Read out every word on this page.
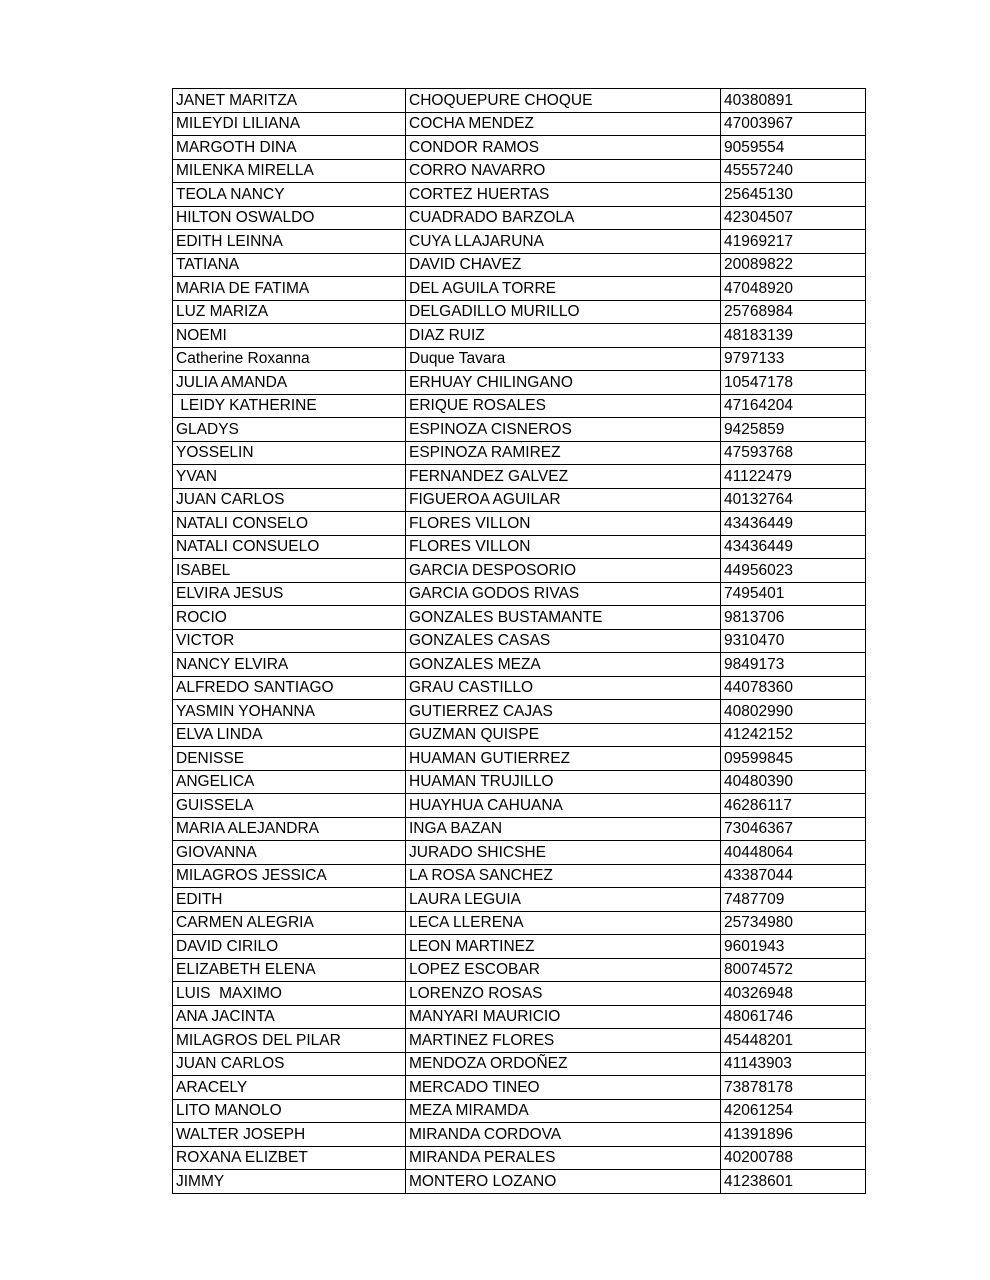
JANET MARITZA	CHOQUEPURE CHOQUE	40380891
MILEYDI LILIANA	COCHA MENDEZ	47003967
MARGOTH DINA	CONDOR RAMOS	9059554
MILENKA MIRELLA	CORRO NAVARRO	45557240
TEOLA NANCY	CORTEZ HUERTAS	25645130
HILTON OSWALDO	CUADRADO BARZOLA	42304507
EDITH LEINNA	CUYA LLAJARUNA	41969217
TATIANA	DAVID CHAVEZ	20089822
MARIA DE FATIMA	DEL AGUILA TORRE	47048920
LUZ MARIZA	DELGADILLO MURILLO	25768984
NOEMI	DIAZ RUIZ	48183139
Catherine Roxanna	Duque Tavara	9797133
JULIA AMANDA	ERHUAY CHILINGANO	10547178
LEIDY KATHERINE	ERIQUE ROSALES	47164204
GLADYS	ESPINOZA CISNEROS	9425859
YOSSELIN	ESPINOZA RAMIREZ	47593768
YVAN	FERNANDEZ GALVEZ	41122479
JUAN CARLOS	FIGUEROA AGUILAR	40132764
NATALI CONSELO	FLORES VILLON	43436449
NATALI CONSUELO	FLORES VILLON	43436449
ISABEL	GARCIA DESPOSORIO	44956023
ELVIRA JESUS	GARCIA GODOS RIVAS	7495401
ROCIO	GONZALES BUSTAMANTE	9813706
VICTOR	GONZALES CASAS	9310470
NANCY ELVIRA	GONZALES MEZA	9849173
ALFREDO SANTIAGO	GRAU CASTILLO	44078360
YASMIN YOHANNA	GUTIERREZ CAJAS	40802990
ELVA LINDA	GUZMAN QUISPE	41242152
DENISSE	HUAMAN GUTIERREZ	09599845
ANGELICA	HUAMAN TRUJILLO	40480390
GUISSELA	HUAYHUA CAHUANA	46286117
MARIA ALEJANDRA	INGA BAZAN	73046367
GIOVANNA	JURADO SHICSHE	40448064
MILAGROS JESSICA	LA ROSA SANCHEZ	43387044
EDITH	LAURA LEGUIA	7487709
CARMEN ALEGRIA	LECA LLERENA	25734980
DAVID CIRILO	LEON MARTINEZ	9601943
ELIZABETH ELENA	LOPEZ ESCOBAR	80074572
LUIS  MAXIMO	LORENZO ROSAS	40326948
ANA JACINTA	MANYARI MAURICIO	48061746
MILAGROS DEL PILAR	MARTINEZ FLORES	45448201
JUAN CARLOS	MENDOZA ORDOÑEZ	41143903
ARACELY	MERCADO TINEO	73878178
LITO MANOLO	MEZA MIRAMDA	42061254
WALTER JOSEPH	MIRANDA CORDOVA	41391896
ROXANA ELIZBET	MIRANDA PERALES	40200788
JIMMY	MONTERO LOZANO	41238601
